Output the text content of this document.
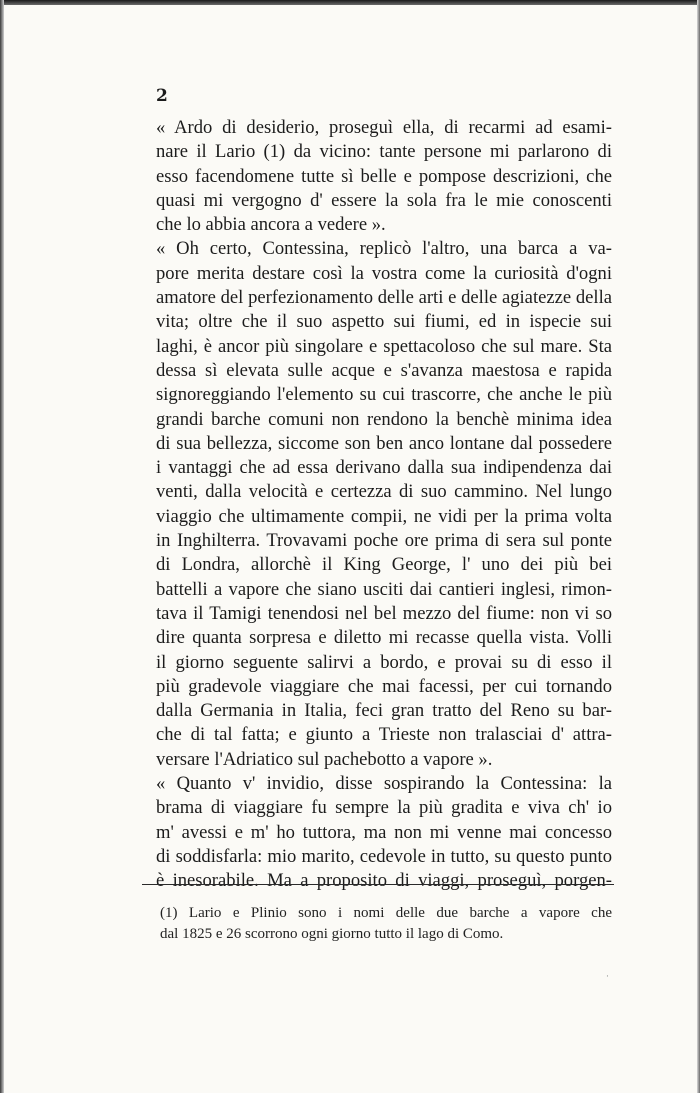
2
« Ardo di desiderio, proseguì ella, di recarmi ad esami-
nare il Lario (1) da vicino: tante persone mi parlarono di
esso facendomene tutte sì belle e pompose descrizioni, che
quasi mi vergogno d' essere la sola fra le mie conoscenti
che lo abbia ancora a vedere ».
« Oh certo, Contessina, replicò l'altro, una barca a va-
pore merita destare così la vostra come la curiosità d'ogni
amatore del perfezionamento delle arti e delle agiatezze della
vita; oltre che il suo aspetto sui fiumi, ed in ispecie sui
laghi, è ancor più singolare e spettacoloso che sul mare. Sta
dessa sì elevata sulle acque e s'avanza maestosa e rapida
signoreggiando l'elemento su cui trascorre, che anche le più
grandi barche comuni non rendono la benchè minima idea
di sua bellezza, siccome son ben anco lontane dal possedere
i vantaggi che ad essa derivano dalla sua indipendenza dai
venti, dalla velocità e certezza di suo cammino. Nel lungo
viaggio che ultimamente compii, ne vidi per la prima volta
in Inghilterra. Trovavami poche ore prima di sera sul ponte
di Londra, allorchè il King George, l' uno dei più bei
battelli a vapore che siano usciti dai cantieri inglesi, rimon-
tava il Tamigi tenendosi nel bel mezzo del fiume: non vi so
dire quanta sorpresa e diletto mi recasse quella vista. Volli
il giorno seguente salirvi a bordo, e provai su di esso il
più gradevole viaggiare che mai facessi, per cui tornando
dalla Germania in Italia, feci gran tratto del Reno su bar-
che di tal fatta; e giunto a Trieste non tralasciai d' attra-
versare l'Adriatico sul pachebotto a vapore ».
« Quanto v' invidio, disse sospirando la Contessina: la
brama di viaggiare fu sempre la più gradita e viva ch' io
m' avessi e m' ho tuttora, ma non mi venne mai concesso
di soddisfarla: mio marito, cedevole in tutto, su questo punto
è inesorabile. Ma a proposito di viaggi, proseguì, porgen-
(1) Lario e Plinio sono i nomi delle due barche a vapore che
dal 1825 e 26 scorrono ogni giorno tutto il lago di Como.
·
